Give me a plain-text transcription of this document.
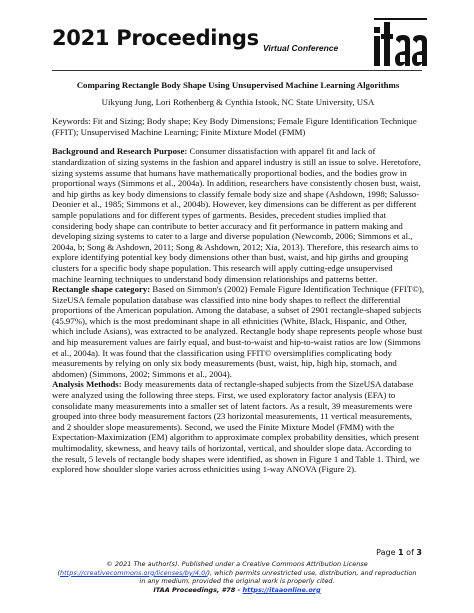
2021 Proceedings Virtual Conference

Comparing Rectangle Body Shape Using Unsupervised Machine Learning Algorithms

Uikyung Jung, Lori Rothenberg & Cynthia Istook, NC State University, USA

Keywords: Fit and Sizing; Body shape; Key Body Dimensions; Female Figure Identification Technique (FFIT); Unsupervised Machine Learning; Finite Mixture Model (FMM)

Background and Research Purpose: Consumer dissatisfaction with apparel fit and lack of standardization of sizing systems in the fashion and apparel industry is still an issue to solve. Heretofore, sizing systems assume that humans have mathematically proportional bodies, and the bodies grow in proportional ways (Simmons et al., 2004a). In addition, researchers have consistently chosen bust, waist, and hip girths as key body dimensions to classify female body size and shape (Ashdown, 1998; Salusso-Deonier et al., 1985; Simmons et al., 2004b). However, key dimensions can be different as per different sample populations and for different types of garments. Besides, precedent studies implied that considering body shape can contribute to better accuracy and fit performance in pattern making and developing sizing systems to cater to a large and diverse population (Newcomb, 2006; Simmons et al., 2004a, b; Song & Ashdown, 2011; Song & Ashdown, 2012; Xia, 2013). Therefore, this research aims to explore identifying potential key body dimensions other than bust, waist, and hip girths and grouping clusters for a specific body shape population. This research will apply cutting-edge unsupervised machine learning techniques to understand body dimension relationships and patterns better.

Rectangle shape category: Based on Simmon's (2002) Female Figure Identification Technique (FFIT©), SizeUSA female population database was classified into nine body shapes to reflect the differential proportions of the American population. Among the database, a subset of 2901 rectangle-shaped subjects (45.97%), which is the most predominant shape in all ethnicities (White, Black, Hispanic, and Other, which include Asians), was extracted to be analyzed. Rectangle body shape represents people whose bust and hip measurement values are fairly equal, and bust-to-waist and hip-to-waist ratios are low (Simmons et al., 2004a). It was found that the classification using FFIT© oversimplifies complicating body measurements by relying on only six body measurements (bust, waist, hip, high hip, stomach, and abdomen) (Simmons, 2002; Simmons et al., 2004).

Analysis Methods: Body measurements data of rectangle-shaped subjects from the SizeUSA database were analyzed using the following three steps. First, we used exploratory factor analysis (EFA) to consolidate many measurements into a smaller set of latent factors. As a result, 39 measurements were grouped into three body measurement factors (23 horizontal measurements, 11 vertical measurements, and 2 shoulder slope measurements). Second, we used the Finite Mixture Model (FMM) with the Expectation-Maximization (EM) algorithm to approximate complex probability densities, which present multimodality, skewness, and heavy tails of horizontal, vertical, and shoulder slope data. According to the result, 5 levels of rectangle body shapes were identified, as shown in Figure 1 and Table 1. Third, we explored how shoulder slope varies across ethnicities using 1-way ANOVA (Figure 2).

Page 1 of 3
© 2021 The author(s). Published under a Creative Commons Attribution License
(https://creativecommons.org/licenses/by/4.0/), which permits unrestricted use, distribution, and reproduction
in any medium, provided the original work is properly cited.
ITAA Proceedings, #78 - https://itaaonline.org
